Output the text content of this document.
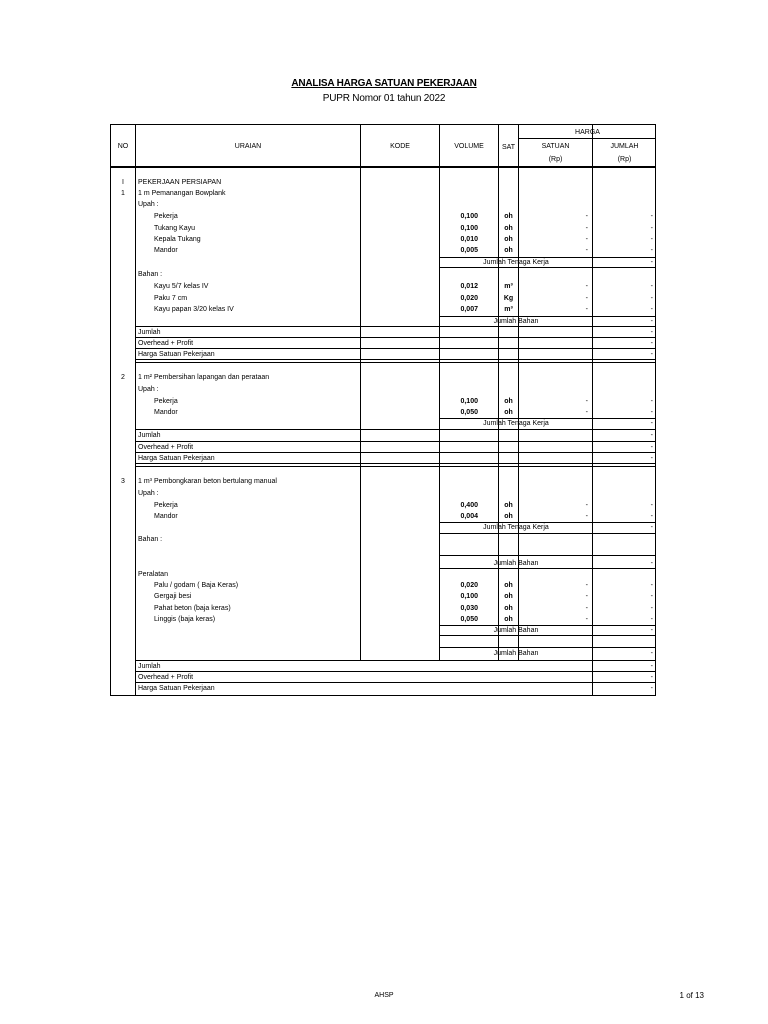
ANALISA HARGA SATUAN PEKERJAAN
PUPR Nomor 01 tahun 2022
NO	URAIAN	KODE	VOLUME	SAT
HARGA
SATUAN	JUMLAH
(Rp)	(Rp)
I	PEKERJAAN PERSIAPAN
1	1 m Pemanangan Bowplank
Upah :
Pekerja	0,100	oh	-	-
Tukang Kayu	0,100	oh	-	-
Kepala Tukang	0,010	oh	-	-
Mandor	0,005	oh	-	-
Jumlah Tenaga Kerja	-
Bahan :
Kayu 5/7 kelas IV	0,012	m³	-	-
Paku 7 cm	0,020	Kg	-	-
Kayu papan 3/20 kelas IV	0,007	m³	-	-
Jumlah Bahan	-
Jumlah	-
Overhead + Profit	-
Harga Satuan Pekerjaan	-
2	1 m² Pembersihan lapangan dan perataan
Upah :
Pekerja	0,100	oh	-	-
Mandor	0,050	oh	-	-
Jumlah Tenaga Kerja	-
Jumlah	-
Overhead + Profit	-
Harga Satuan Pekerjaan	-
3	1 m³ Pembongkaran beton bertulang manual
Upah :
Pekerja	0,400	oh	-	-
Mandor	0,004	oh	-	-
Jumlah Tenaga Kerja	-
Bahan :
Jumlah Bahan	-
Peralatan
Palu / godam ( Baja Keras)	0,020	oh	-	-
Gergaji besi	0,100	oh	-	-
Pahat beton (baja keras)	0,030	oh	-	-
Linggis (baja keras)	0,050	oh	-	-
Jumlah Bahan	-
Jumlah Bahan	-
Jumlah	-
Overhead + Profit	-
Harga Satuan Pekerjaan	-
AHSP	1 of 13
